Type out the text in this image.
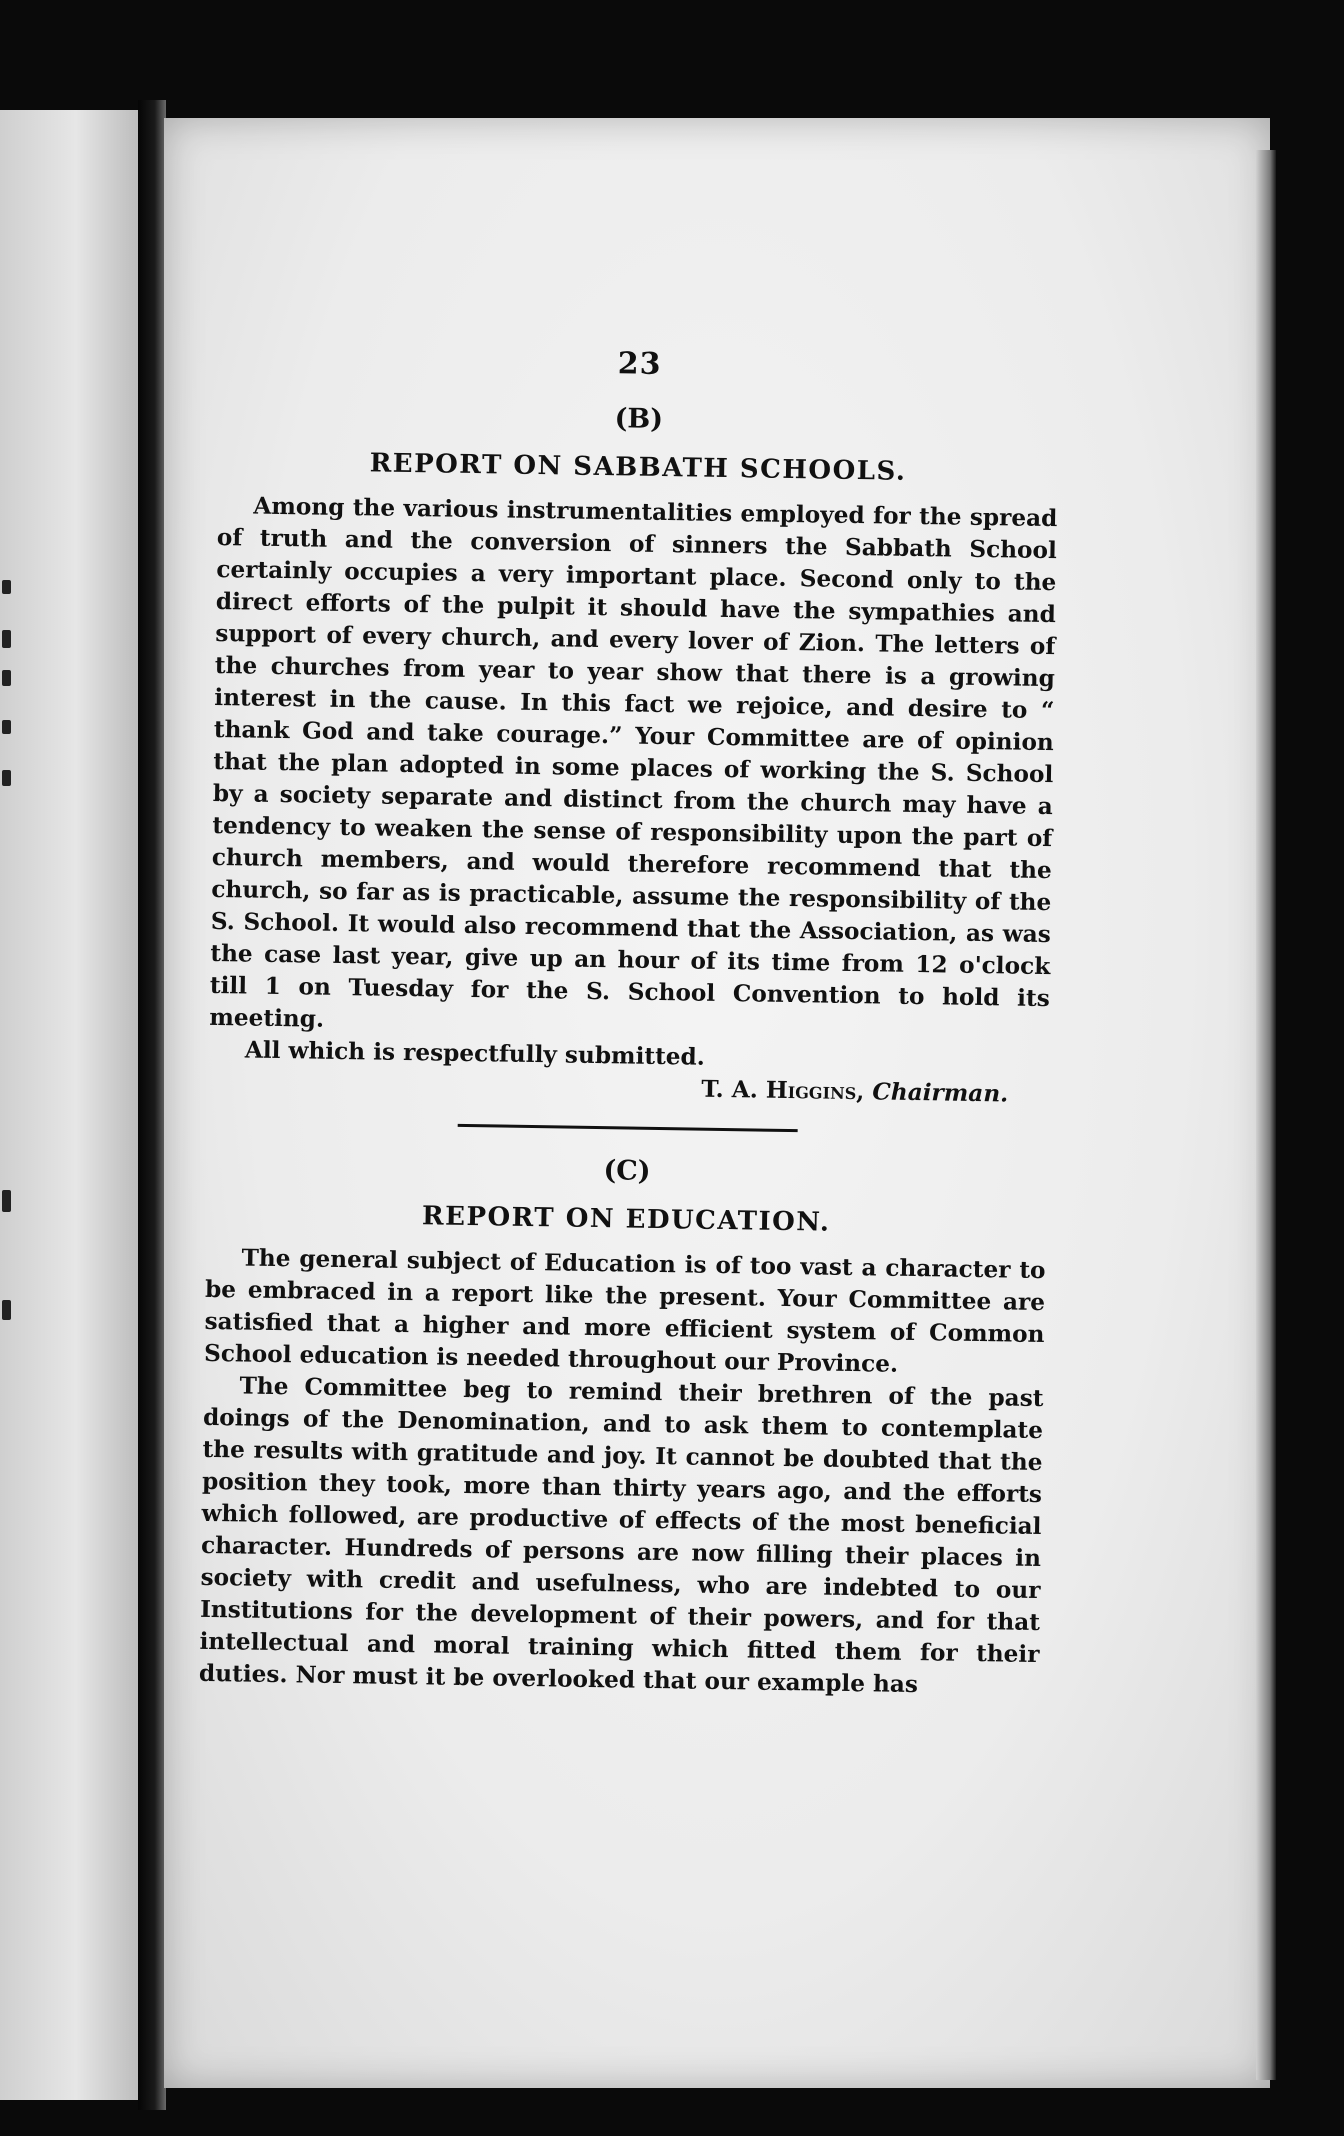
23
(B)
REPORT ON SABBATH SCHOOLS.

Among the various instrumentalities employed for the spread of truth and the conversion of sinners the Sabbath School certainly occupies a very important place. Second only to the direct efforts of the pulpit it should have the sympathies and support of every church, and every lover of Zion. The letters of the churches from year to year show that there is a growing interest in the cause. In this fact we rejoice, and desire to “ thank God and take courage.” Your Committee are of opinion that the plan adopted in some places of working the S. School by a society separate and distinct from the church may have a tendency to weaken the sense of responsibility upon the part of church members, and would therefore recommend that the church, so far as is practicable, assume the responsibility of the S. School. It would also recommend that the Association, as was the case last year, give up an hour of its time from 12 o'clock till 1 on Tuesday for the S. School Convention to hold its meeting.

All which is respectfully submitted.

T. A. Higgins, Chairman.

(C)
REPORT ON EDUCATION.

The general subject of Education is of too vast a character to be embraced in a report like the present. Your Committee are satisfied that a higher and more efficient system of Common School education is needed throughout our Province.

The Committee beg to remind their brethren of the past doings of the Denomination, and to ask them to contemplate the results with gratitude and joy. It cannot be doubted that the position they took, more than thirty years ago, and the efforts which followed, are productive of effects of the most beneficial character. Hundreds of persons are now filling their places in society with credit and usefulness, who are indebted to our Institutions for the development of their powers, and for that intellectual and moral training which fitted them for their duties. Nor must it be overlooked that our example has
